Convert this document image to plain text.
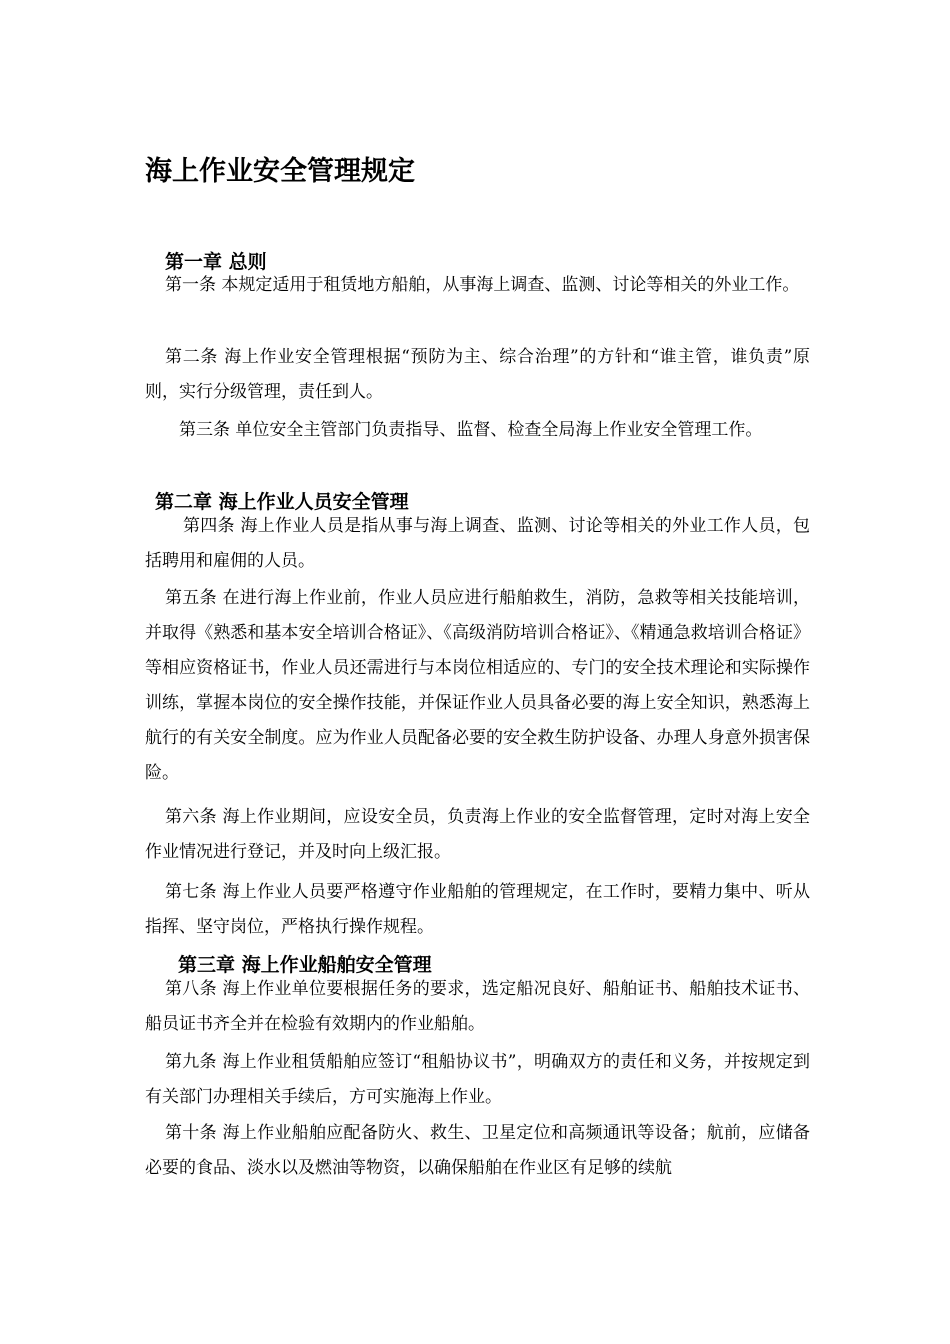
海上作业安全管理规定
第一章 总则

第一条 本规定适用于租赁地方船舶，从事海上调查、监测、讨论等相关的外业工作。

第二条 海上作业安全管理根据“预防为主、综合治理”的方针和“谁主管，谁负责”原则，实行分级管理，责任到人。

第三条 单位安全主管部门负责指导、监督、检查全局海上作业安全管理工作。

第二章 海上作业人员安全管理

第四条 海上作业人员是指从事与海上调查、监测、讨论等相关的外业工作人员，包括聘用和雇佣的人员。

第五条 在进行海上作业前，作业人员应进行船舶救生，消防，急救等相关技能培训，并取得《熟悉和基本安全培训合格证》、《高级消防培训合格证》、《精通急救培训合格证》等相应资格证书，作业人员还需进行与本岗位相适应的、专门的安全技术理论和实际操作训练，掌握本岗位的安全操作技能，并保证作业人员具备必要的海上安全知识，熟悉海上航行的有关安全制度。应为作业人员配备必要的安全救生防护设备、办理人身意外损害保险。

第六条 海上作业期间，应设安全员，负责海上作业的安全监督管理，定时对海上安全作业情况进行登记，并及时向上级汇报。

第七条 海上作业人员要严格遵守作业船舶的管理规定，在工作时，要精力集中、听从指挥、坚守岗位，严格执行操作规程。

第三章 海上作业船舶安全管理

第八条 海上作业单位要根据任务的要求，选定船况良好、船舶证书、船舶技术证书、船员证书齐全并在检验有效期内的作业船舶。

第九条 海上作业租赁船舶应签订“租船协议书”，明确双方的责任和义务，并按规定到有关部门办理相关手续后，方可实施海上作业。

第十条 海上作业船舶应配备防火、救生、卫星定位和高频通讯等设备；航前，应储备必要的食品、淡水以及燃油等物资，以确保船舶在作业区有足够的续航
